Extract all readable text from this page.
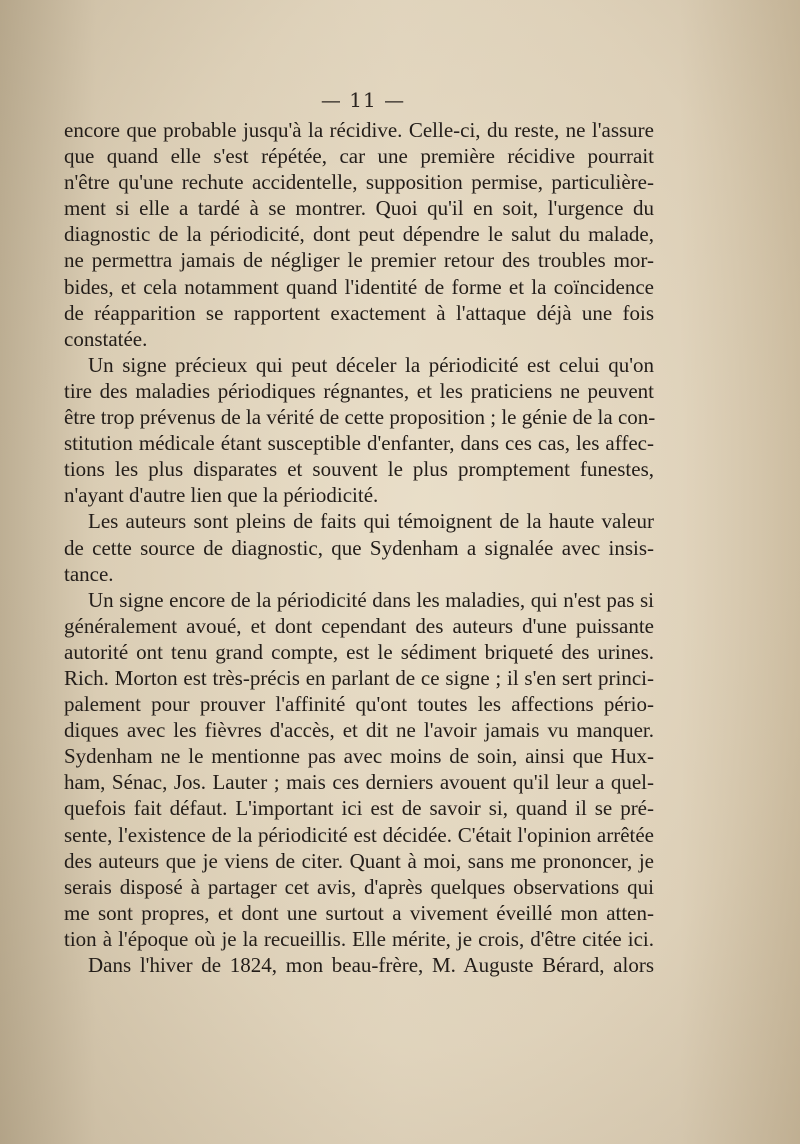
— 11 —
encore que probable jusqu'à la récidive. Celle-ci, du reste, ne l'assure
que quand elle s'est répétée, car une première récidive pourrait
n'être qu'une rechute accidentelle, supposition permise, particulière-
ment si elle a tardé à se montrer. Quoi qu'il en soit, l'urgence du
diagnostic de la périodicité, dont peut dépendre le salut du malade,
ne permettra jamais de négliger le premier retour des troubles mor-
bides, et cela notamment quand l'identité de forme et la coïncidence
de réapparition se rapportent exactement à l'attaque déjà une fois
constatée.
Un signe précieux qui peut déceler la périodicité est celui qu'on
tire des maladies périodiques régnantes, et les praticiens ne peuvent
être trop prévenus de la vérité de cette proposition ; le génie de la con-
stitution médicale étant susceptible d'enfanter, dans ces cas, les affec-
tions les plus disparates et souvent le plus promptement funestes,
n'ayant d'autre lien que la périodicité.
Les auteurs sont pleins de faits qui témoignent de la haute valeur
de cette source de diagnostic, que Sydenham a signalée avec insis-
tance.
Un signe encore de la périodicité dans les maladies, qui n'est pas si
généralement avoué, et dont cependant des auteurs d'une puissante
autorité ont tenu grand compte, est le sédiment briqueté des urines.
Rich. Morton est très-précis en parlant de ce signe ; il s'en sert princi-
palement pour prouver l'affinité qu'ont toutes les affections pério-
diques avec les fièvres d'accès, et dit ne l'avoir jamais vu manquer.
Sydenham ne le mentionne pas avec moins de soin, ainsi que Hux-
ham, Sénac, Jos. Lauter ; mais ces derniers avouent qu'il leur a quel-
quefois fait défaut. L'important ici est de savoir si, quand il se pré-
sente, l'existence de la périodicité est décidée. C'était l'opinion arrêtée
des auteurs que je viens de citer. Quant à moi, sans me prononcer, je
serais disposé à partager cet avis, d'après quelques observations qui
me sont propres, et dont une surtout a vivement éveillé mon atten-
tion à l'époque où je la recueillis. Elle mérite, je crois, d'être citée ici.
Dans l'hiver de 1824, mon beau-frère, M. Auguste Bérard, alors
